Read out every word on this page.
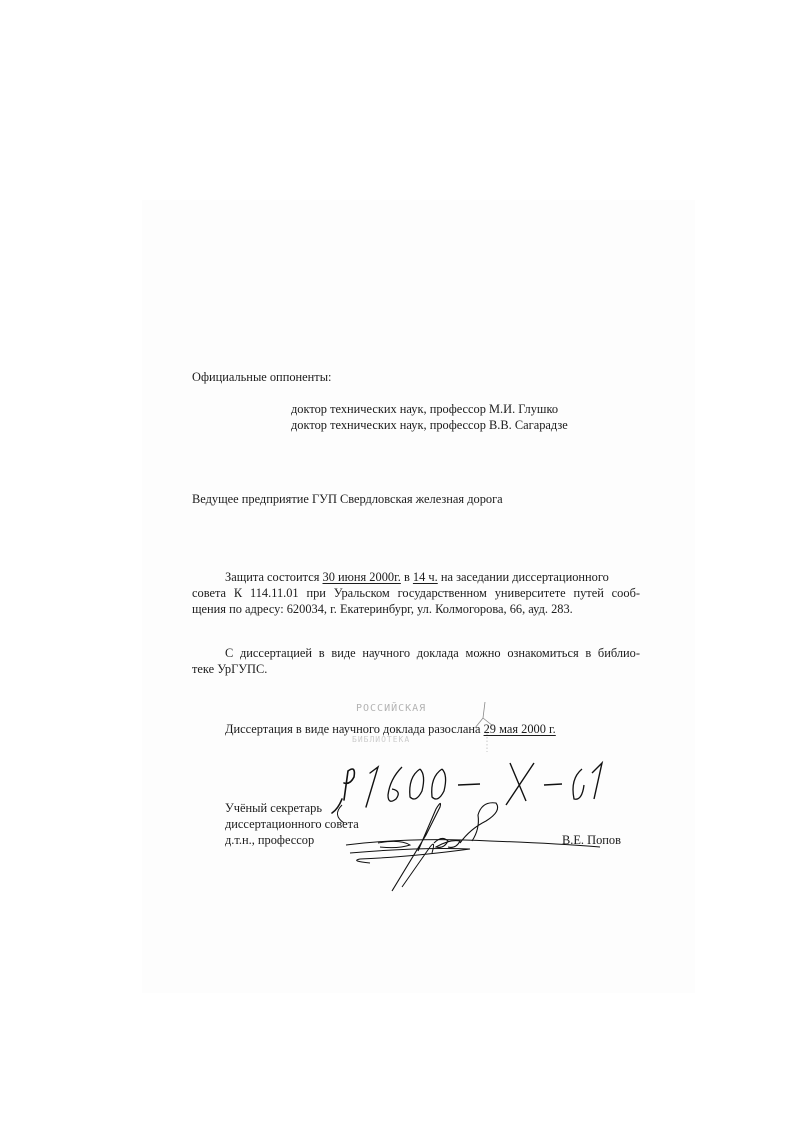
Официальные оппоненты:
доктор технических наук, профессор М.И. Глушко
доктор технических наук, профессор В.В. Сагарадзе
Ведущее предприятие ГУП Свердловская железная дорога
Защита состоится 30 июня 2000г. в 14 ч. на заседании диссертационного
совета К 114.11.01 при Уральском государственном университете путей сооб-
щения по адресу: 620034, г. Екатеринбург, ул. Колмогорова, 66, ауд. 283.
С диссертацией в виде научного доклада можно ознакомиться в библио-
теке УрГУПС.
РОССИЙСКАЯ
БИБЛИОТЕКА
Диссертация в виде научного доклада разослана 29 мая 2000 г.
Учёный секретарь
диссертационного совета
д.т.н., профессор	В.Е. Попов
